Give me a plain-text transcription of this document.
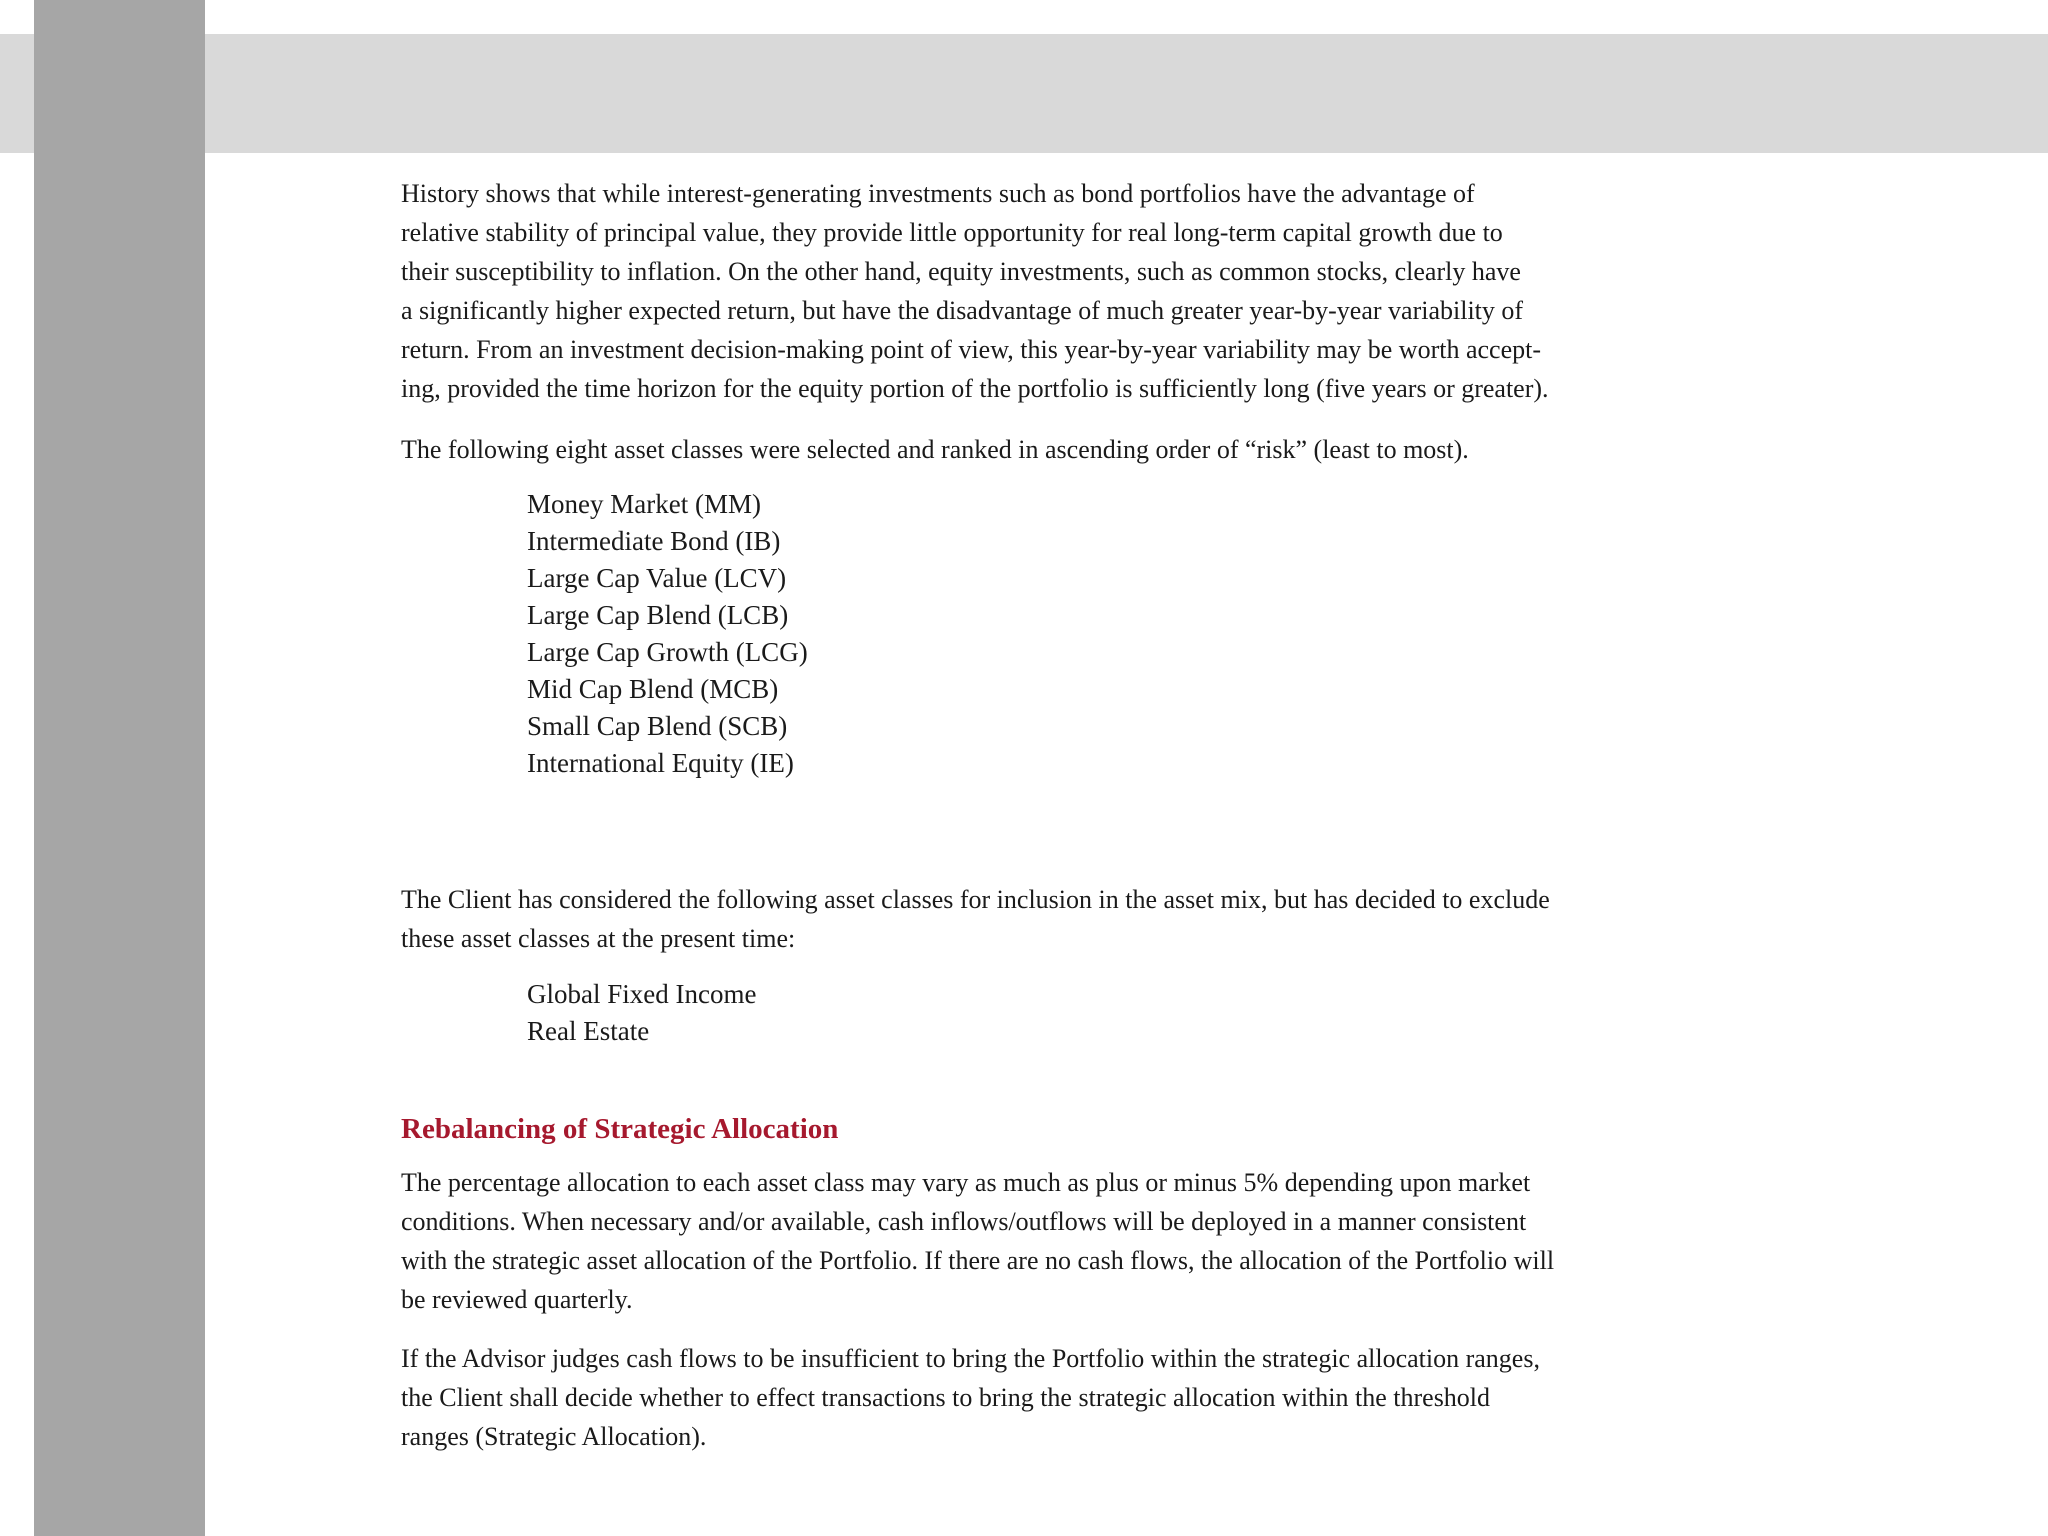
History shows that while interest-generating investments such as bond portfolios have the advantage of
relative stability of principal value, they provide little opportunity for real long-term capital growth due to
their susceptibility to inflation. On the other hand, equity investments, such as common stocks, clearly have
a significantly higher expected return, but have the disadvantage of much greater year-by-year variability of
return. From an investment decision-making point of view, this year-by-year variability may be worth accept-
ing, provided the time horizon for the equity portion of the portfolio is sufficiently long (five years or greater).

The following eight asset classes were selected and ranked in ascending order of “risk” (least to most).

Money Market (MM)
Intermediate Bond (IB)
Large Cap Value (LCV)
Large Cap Blend (LCB)
Large Cap Growth (LCG)
Mid Cap Blend (MCB)
Small Cap Blend (SCB)
International Equity (IE)

The Client has considered the following asset classes for inclusion in the asset mix, but has decided to exclude
these asset classes at the present time:

Global Fixed Income
Real Estate
Rebalancing of Strategic Allocation

The percentage allocation to each asset class may vary as much as plus or minus 5% depending upon market
conditions. When necessary and/or available, cash inflows/outflows will be deployed in a manner consistent
with the strategic asset allocation of the Portfolio. If there are no cash flows, the allocation of the Portfolio will
be reviewed quarterly.

If the Advisor judges cash flows to be insufficient to bring the Portfolio within the strategic allocation ranges,
the Client shall decide whether to effect transactions to bring the strategic allocation within the threshold
ranges (Strategic Allocation).
